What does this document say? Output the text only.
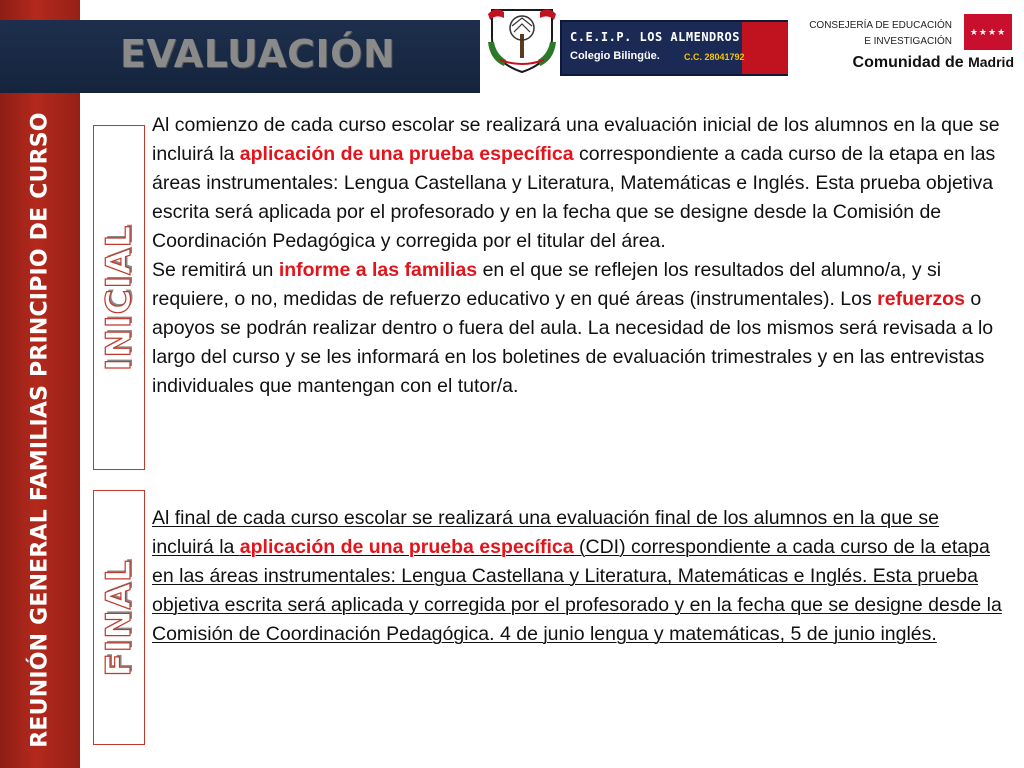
REUNIÓN GENERAL FAMILIAS PRINCIPIO DE CURSO
EVALUACIÓN	C.E.I.P. LOS ALMENDROS
Colegio Bilingüe.	C.C. 28041792
CONSEJERÍA DE EDUCACIÓN
E INVESTIGACIÓN
★★★★
Comunidad de Madrid
INICIAL
Al comienzo de cada curso escolar se realizará una evaluación inicial de los alumnos en la que se incluirá la aplicación de una prueba específica correspondiente a cada curso de la etapa en las áreas instrumentales: Lengua Castellana y Literatura, Matemáticas e Inglés. Esta prueba objetiva escrita será aplicada por el profesorado y en la fecha que se designe desde la Comisión de Coordinación Pedagógica y corregida por el titular del área.
Se remitirá un informe a las familias en el que se reflejen los resultados del alumno/a, y si requiere, o no, medidas de refuerzo educativo y en qué áreas (instrumentales). Los refuerzos o apoyos se podrán realizar dentro o fuera del aula. La necesidad de los mismos será revisada a lo largo del curso y se les informará en los boletines de evaluación trimestrales y en las entrevistas individuales que mantengan con el tutor/a.
FINAL
Al final de cada curso escolar se realizará una evaluación final de los alumnos en la que se incluirá la aplicación de una prueba específica (CDI) correspondiente a cada curso de la etapa en las áreas instrumentales: Lengua Castellana y Literatura, Matemáticas e Inglés. Esta prueba objetiva escrita será aplicada y corregida por el profesorado y en la fecha que se designe desde la Comisión de Coordinación Pedagógica. 4 de junio lengua y matemáticas, 5 de junio inglés.
